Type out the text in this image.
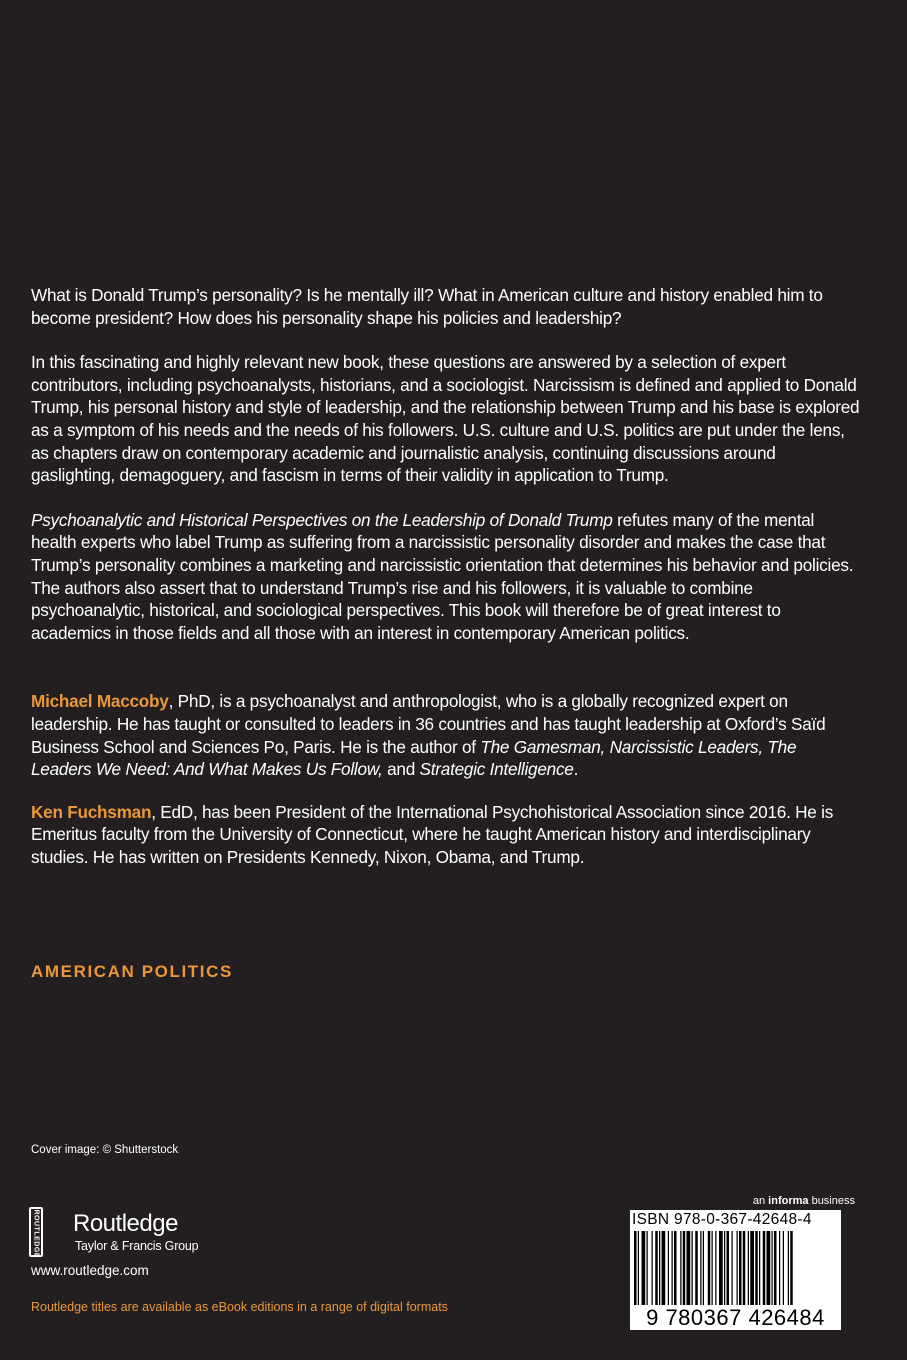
What is Donald Trump’s personality? Is he mentally ill? What in American culture and history enabled him to become president? How does his personality shape his policies and leadership?

In this fascinating and highly relevant new book, these questions are answered by a selection of expert contributors, including psychoanalysts, historians, and a sociologist. Narcissism is defined and applied to Donald Trump, his personal history and style of leadership, and the relationship between Trump and his base is explored as a symptom of his needs and the needs of his followers. U.S. culture and U.S. politics are put under the lens, as chapters draw on contemporary academic and journalistic analysis, continuing discussions around gaslighting, demagoguery, and fascism in terms of their validity in application to Trump.

Psychoanalytic and Historical Perspectives on the Leadership of Donald Trump refutes many of the mental health experts who label Trump as suffering from a narcissistic personality disorder and makes the case that Trump’s personality combines a marketing and narcissistic orientation that determines his behavior and policies. The authors also assert that to understand Trump’s rise and his followers, it is valuable to combine psychoanalytic, historical, and sociological perspectives. This book will therefore be of great interest to academics in those fields and all those with an interest in contemporary American politics.

Michael Maccoby, PhD, is a psychoanalyst and anthropologist, who is a globally recognized expert on leadership. He has taught or consulted to leaders in 36 countries and has taught leadership at Oxford’s Saïd Business School and Sciences Po, Paris. He is the author of The Gamesman, Narcissistic Leaders, The Leaders We Need: And What Makes Us Follow, and Strategic Intelligence.

Ken Fuchsman, EdD, has been President of the International Psychohistorical Association since 2016. He is Emeritus faculty from the University of Connecticut, where he taught American history and interdisciplinary studies. He has written on Presidents Kennedy, Nixon, Obama, and Trump.

AMERICAN POLITICS
Cover image: © Shutterstock
ROUTLEDGE Routledge
Taylor & Francis Group
www.routledge.com
Routledge titles are available as eBook editions in a range of digital formats
an informa business
ISBN 978-0-367-42648-4
9 780367 426484
